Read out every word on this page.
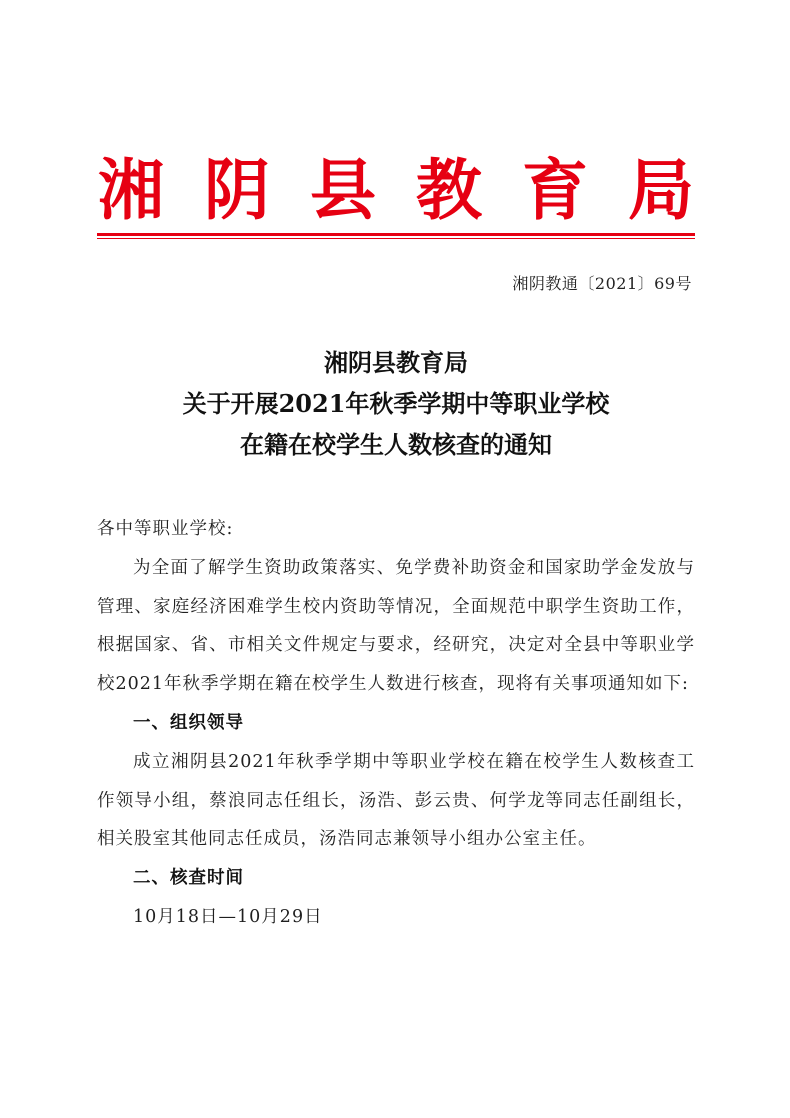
湘 阴 县 教 育 局
湘阴教通〔2021〕69号
湘阴县教育局
关于开展2021年秋季学期中等职业学校
在籍在校学生人数核查的通知

各中等职业学校:

为全面了解学生资助政策落实、免学费补助资金和国家助学金发放与管理、家庭经济困难学生校内资助等情况，全面规范中职学生资助工作，根据国家、省、市相关文件规定与要求，经研究，决定对全县中等职业学校2021年秋季学期在籍在校学生人数进行核查，现将有关事项通知如下:

一、组织领导

成立湘阴县2021年秋季学期中等职业学校在籍在校学生人数核查工作领导小组，蔡浪同志任组长，汤浩、彭云贵、何学龙等同志任副组长，相关股室其他同志任成员，汤浩同志兼领导小组办公室主任。

二、核查时间

10月18日—10月29日
